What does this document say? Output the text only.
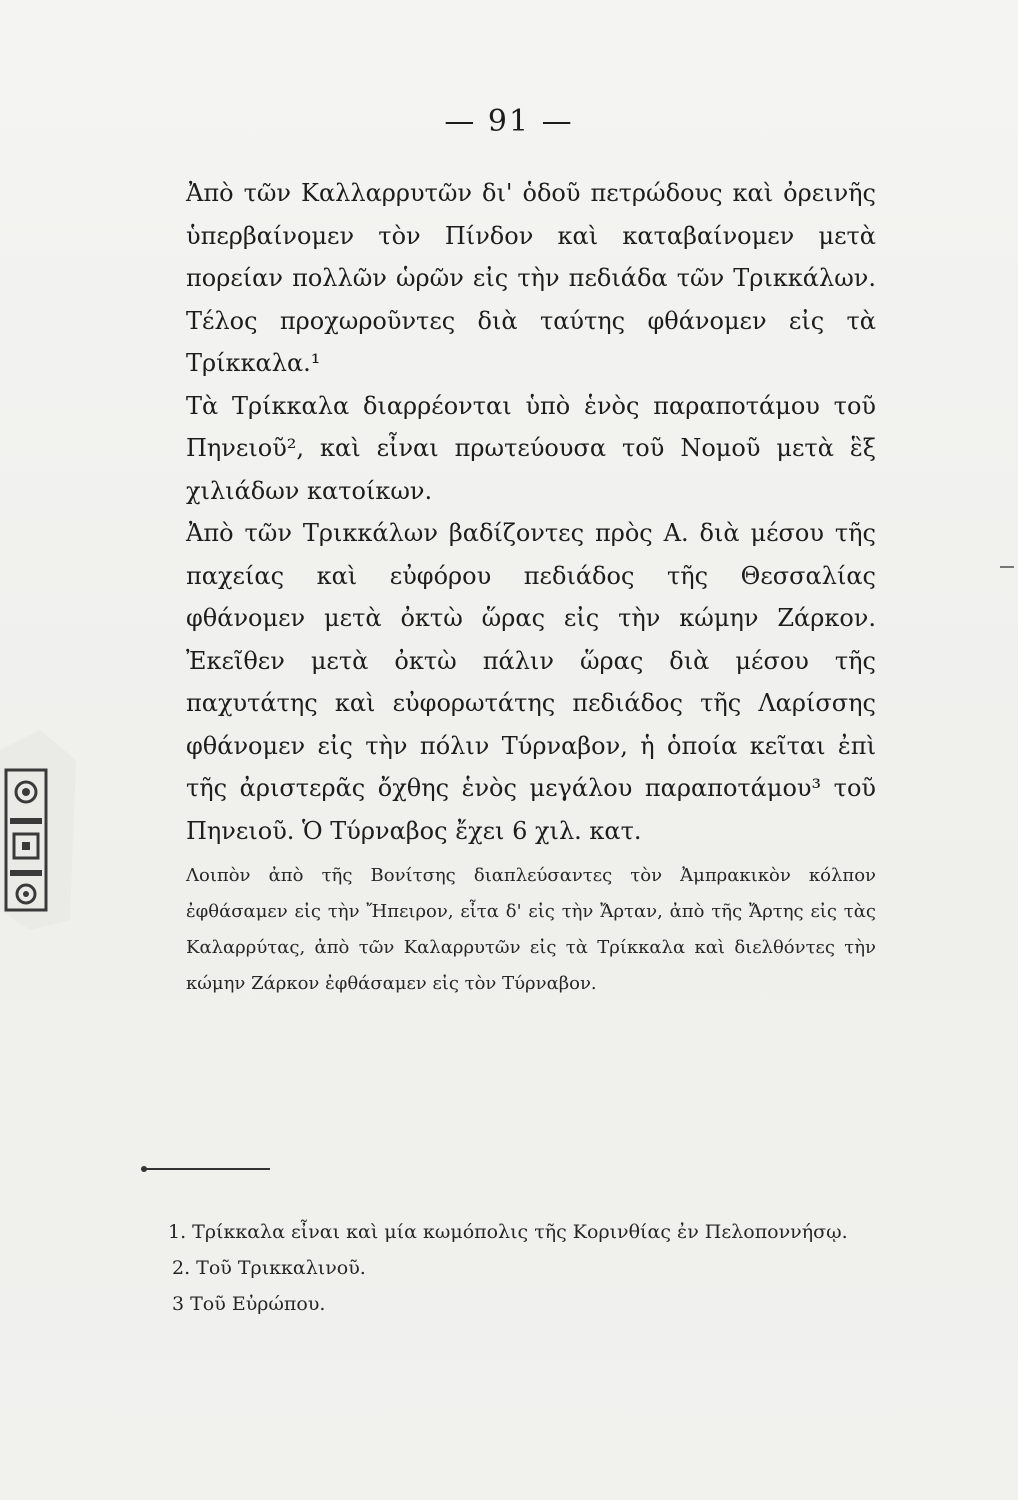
— 91 —

Ἀπὸ τῶν Καλλαρρυτῶν δι' ὁδοῦ πετρώδους καὶ ὀρεινῆς ὑπερβαίνομεν τὸν Πίνδον καὶ καταβαίνομεν μετὰ πορείαν πολλῶν ὡρῶν εἰς τὴν πεδιάδα τῶν Τρικκάλων. Τέλος προχωροῦντες διὰ ταύτης φθάνομεν εἰς τὰ Τρίκκαλα.¹

Τὰ Τρίκκαλα διαρρέονται ὑπὸ ἑνὸς παραποτάμου τοῦ Πηνειοῦ², καὶ εἶναι πρωτεύουσα τοῦ Νομοῦ μετὰ ἓξ χιλιάδων κατοίκων.

Ἀπὸ τῶν Τρικκάλων βαδίζοντες πρὸς Α. διὰ μέσου τῆς παχείας καὶ εὐφόρου πεδιάδος τῆς Θεσσαλίας φθάνομεν μετὰ ὀκτὼ ὥρας εἰς τὴν κώμην Ζάρκον. Ἐκεῖθεν μετὰ ὀκτὼ πάλιν ὥρας διὰ μέσου τῆς παχυτάτης καὶ εὐφορωτάτης πεδιάδος τῆς Λαρίσσης φθάνομεν εἰς τὴν πόλιν Τύρναβον, ἡ ὁποία κεῖται ἐπὶ τῆς ἀριστερᾶς ὄχθης ἑνὸς μεγάλου παραποτάμου³ τοῦ Πηνειοῦ. Ὁ Τύρναβος ἔχει 6 χιλ. κατ.

Λοιπὸν ἀπὸ τῆς Βονίτσης διαπλεύσαντες τὸν Ἀμπρακικὸν κόλπον ἐφθάσαμεν εἰς τὴν Ἤπειρον, εἶτα δ' εἰς τὴν Ἄρταν, ἀπὸ τῆς Ἄρτης εἰς τὰς Καλαρρύτας, ἀπὸ τῶν Καλαρρυτῶν εἰς τὰ Τρίκκαλα καὶ διελθόντες τὴν κώμην Ζάρκον ἐφθάσαμεν εἰς τὸν Τύρναβον.

1. Τρίκκαλα εἶναι καὶ μία κωμόπολις τῆς Κορινθίας ἐν Πελοποννήσῳ.

2. Τοῦ Τρικκαλινοῦ.

3 Τοῦ Εὐρώπου.
